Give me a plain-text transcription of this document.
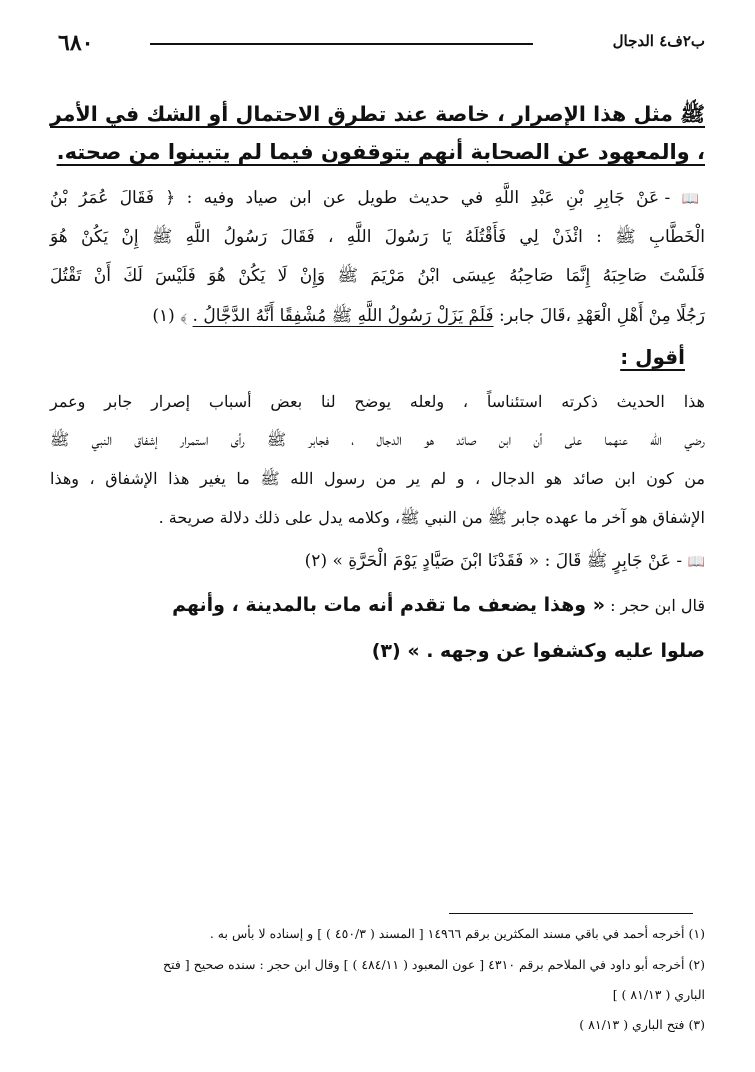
ب٢ف٤ الدجال
٦٨٠
ﷺ مثل هذا الإصرار ، خاصة عند تطرق الاحتمال أو الشك في الأمر
، والمعهود عن الصحابة أنهم يتوقفون فيما لم يتبينوا من صحته.
📖 - عَنْ جَابِرِ بْنِ عَبْدِ اللَّهِ في حديث طويل عن ابن صياد وفيه : ﴿ فَقَالَ عُمَرُ بْنُ
الْخَطَّابِ ﷺ : ائْذَنْ لِي فَأَقْتُلَهُ يَا رَسُولَ اللَّهِ ، فَقَالَ رَسُولُ اللَّهِ ﷺ إِنْ يَكُنْ هُوَ
فَلَسْتَ صَاحِبَهُ إِنَّمَا صَاحِبُهُ عِيسَى ابْنُ مَرْيَمَ ﷺ وَإِنْ لَا يَكُنْ هُوَ فَلَيْسَ لَكَ أَنْ تَقْتُلَ
رَجُلًا مِنْ أَهْلِ الْعَهْدِ ،قَالَ جابر: فَلَمْ يَزَلْ رَسُولُ اللَّهِ ﷺ مُشْفِقًا أَنَّهُ الدَّجَّالُ . ﴾ (١)
أقول :
هذا الحديث ذكرته استئناساً ، ولعله يوضح لنا بعض أسباب إصرار جابر وعمر
رضي الله عنهما على أن ابن صائد هو الدجال ، فجابر ﷺ رأى استمرار إشفاق النبي ﷺ
من كون ابن صائد هو الدجال ، و لم ير من رسول الله ﷺ ما يغير هذا الإشفاق ، وهذا
الإشفاق هو آخر ما عهده جابر ﷺ من النبي ﷺ، وكلامه يدل على ذلك دلالة صريحة .
📖 - عَنْ جَابِرٍ ﷺ قَالَ : « فَقَدْنَا ابْنَ صَيَّادٍ يَوْمَ الْحَرَّةِ » (٢)
قال ابن حجر : « وهذا يضعف ما تقدم أنه مات بالمدينة ، وأنهم
صلوا عليه وكشفوا عن وجهه . » (٣)
(١) أخرجه أحمد في باقي مسند المكثرين برقم ١٤٩٦٦ [ المسند ( ٤٥٠/٣ ) ] و إسناده لا بأس به .
(٢) أخرجه أبو داود في الملاحم برقم ٤٣١٠ [ عون المعبود ( ٤٨٤/١١ ) ] وقال ابن حجر : سنده صحيح [ فتح
الباري ( ٨١/١٣ ) ]
(٣) فتح الباري ( ٨١/١٣ )
